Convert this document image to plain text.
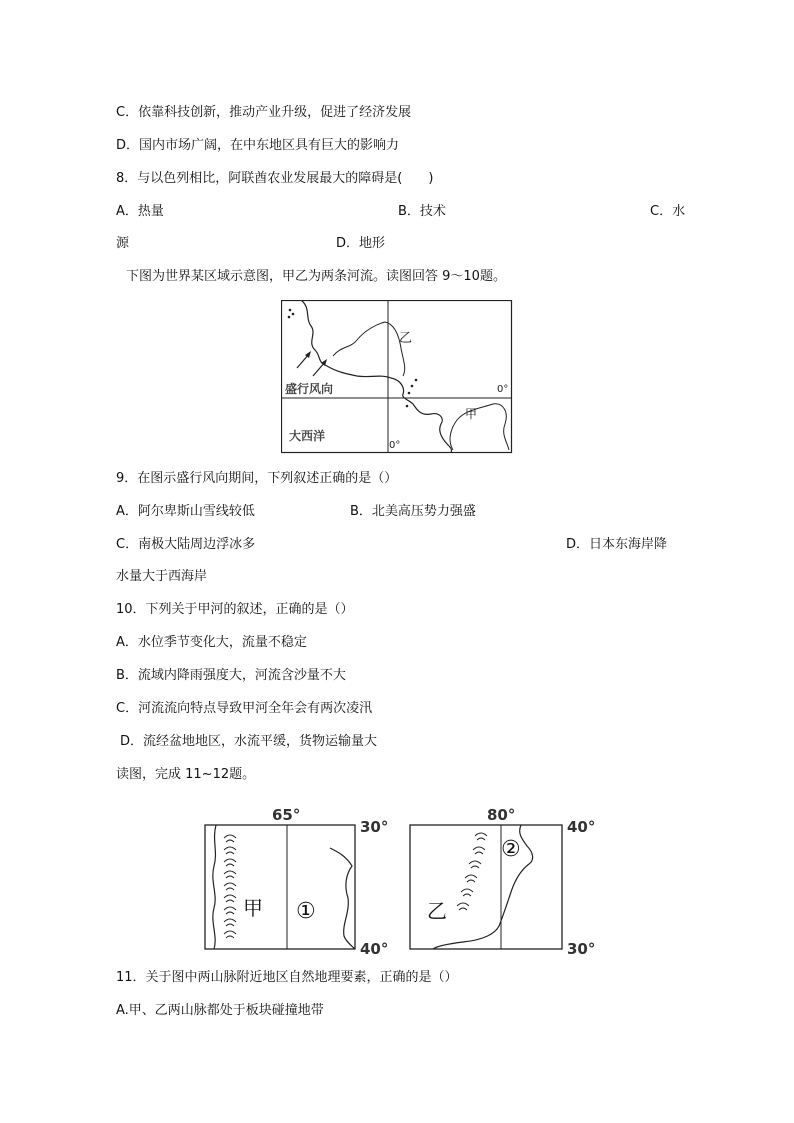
C．依靠科技创新，推动产业升级，促进了经济发展
D．国内市场广阔，在中东地区具有巨大的影响力
8．与以色列相比，阿联酋农业发展最大的障碍是(　　)
A．热量	B．技术	C．水
源	D．地形
下图为世界某区域示意图，甲乙为两条河流。读图回答 9～10题。
乙
甲
盛行风向
大西洋
0°
0°
9．在图示盛行风向期间，下列叙述正确的是（）
A．阿尔卑斯山雪线较低	B．北美高压势力强盛
C．南极大陆周边浮冰多	D．日本东海岸降
水量大于西海岸
10．下列关于甲河的叙述，正确的是（）
A．水位季节变化大，流量不稳定
B．流域内降雨强度大，河流含沙量不大
C．河流流向特点导致甲河全年会有两次凌汛
D．流经盆地地区，水流平缓，货物运输量大
读图，完成 11~12题。
65°
30°
40°
甲 ①
80°
40°
30°
乙
②
11．关于图中两山脉附近地区自然地理要素，正确的是（）
A.甲、乙两山脉都处于板块碰撞地带
